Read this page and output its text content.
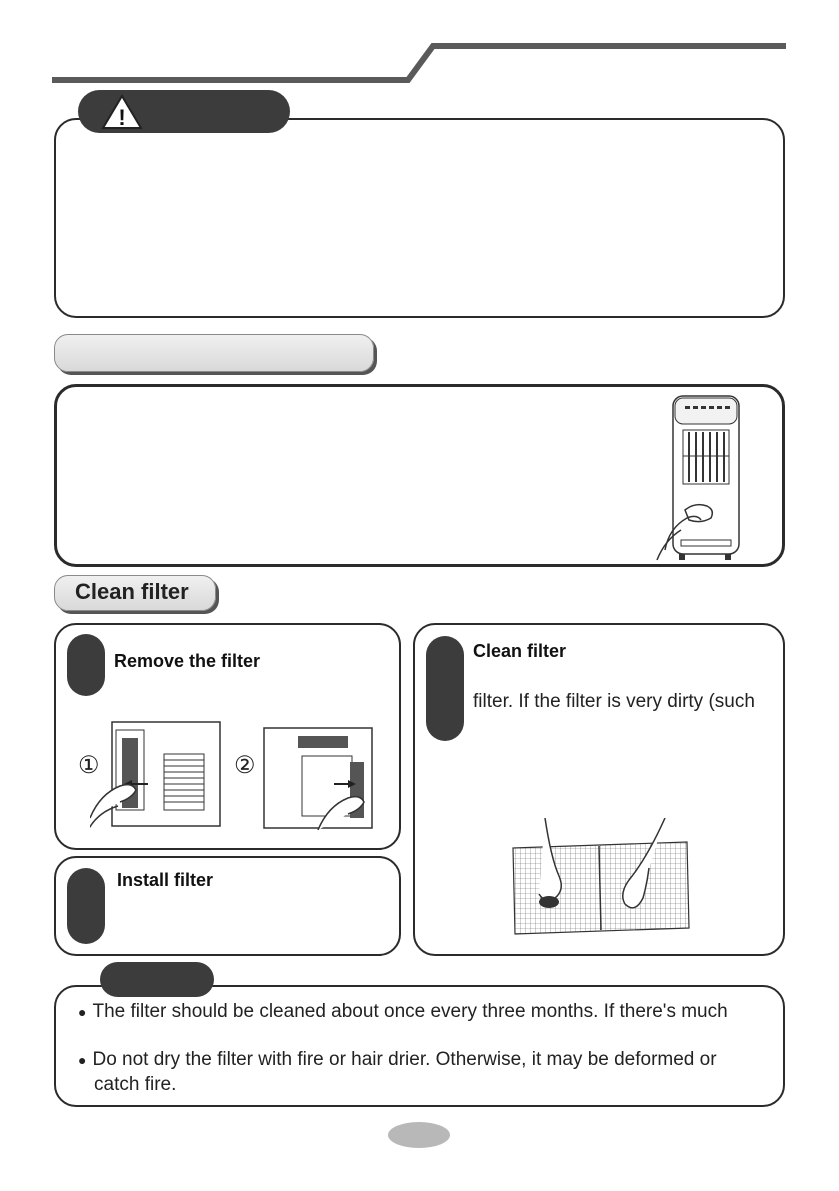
!
Clean filter
Remove the filter
①	②
Install filter
Clean filter
filter. If the filter is very dirty (such
● The filter should be cleaned about once every three months. If there's much
● Do not dry the filter with fire or hair drier. Otherwise, it may be deformed or
catch fire.
